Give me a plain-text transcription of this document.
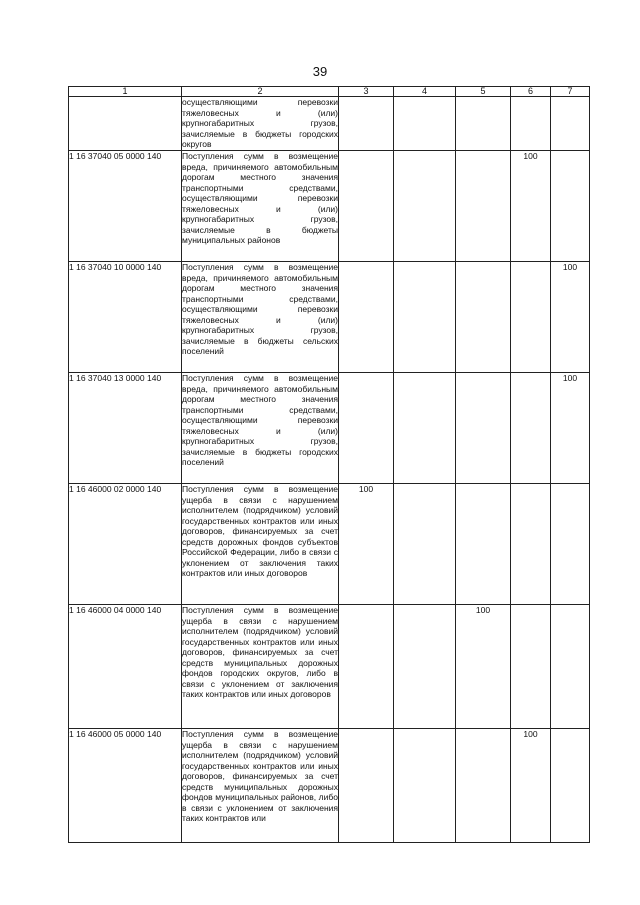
39
1	2	3	4	5	6	7
	осуществляющими перевозки тяжеловесных и (или) крупногабаритных грузов, зачисляемые в бюджеты городских округов					
1 16 37040 05 0000 140	Поступления сумм в возмещение вреда, причиняемого автомобильным дорогам местного значения транспортными средствами, осуществляющими перевозки тяжеловесных и (или) крупногабаритных грузов, зачисляемые в бюджеты муниципальных районов				100	
1 16 37040 10 0000 140	Поступления сумм в возмещение вреда, причиняемого автомобильным дорогам местного значения транспортными средствами, осуществляющими перевозки тяжеловесных и (или) крупногабаритных грузов, зачисляемые в бюджеты сельских поселений					100
1 16 37040 13 0000 140	Поступления сумм в возмещение вреда, причиняемого автомобильным дорогам местного значения транспортными средствами, осуществляющими перевозки тяжеловесных и (или) крупногабаритных грузов, зачисляемые в бюджеты городских поселений					100
1 16 46000 02 0000 140	Поступления сумм в возмещение ущерба в связи с нарушением исполнителем (подрядчиком) условий государственных контрактов или иных договоров, финансируемых за счет средств дорожных фондов субъектов Российской Федерации, либо в связи с уклонением от заключения таких контрактов или иных договоров	100				
1 16 46000 04 0000 140	Поступления сумм в возмещение ущерба в связи с нарушением исполнителем (подрядчиком) условий государственных контрактов или иных договоров, финансируемых за счет средств муниципальных дорожных фондов городских округов, либо в связи с уклонением от заключения таких контрактов или иных договоров			100		
1 16 46000 05 0000 140	Поступления сумм в возмещение ущерба в связи с нарушением исполнителем (подрядчиком) условий государственных контрактов или иных договоров, финансируемых за счет средств муниципальных дорожных фондов муниципальных районов, либо в связи с уклонением от заключения таких контрактов или				100	
